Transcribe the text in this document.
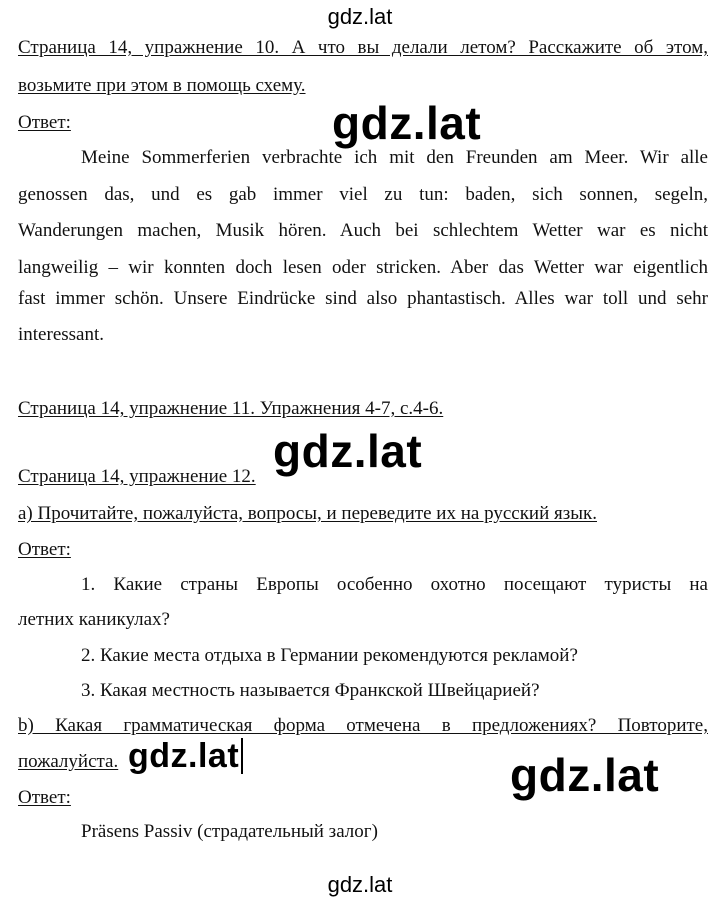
gdz.lat
Страница 14, упражнение 10. А что вы делали летом? Расскажите об этом,
возьмите при этом в помощь схему.
Ответ:
Meine Sommerferien verbrachte ich mit den Freunden am Meer. Wir alle
genossen das, und es gab immer viel zu tun: baden, sich sonnen, segeln,
Wanderungen machen, Musik hören. Auch bei schlechtem Wetter war es nicht
langweilig – wir konnten doch lesen oder stricken. Aber das Wetter war eigentlich
fast immer schön. Unsere Eindrücke sind also phantastisch. Alles war toll und sehr
interessant.
Страница 14, упражнение 11. Упражнения 4-7, с.4-6.
Страница 14, упражнение 12.
а) Прочитайте, пожалуйста, вопросы, и переведите их на русский язык.
Ответ:
1. Какие страны Европы особенно охотно посещают туристы на
летних каникулах?
2. Какие места отдыха в Германии рекомендуются рекламой?
3. Какая местность называется Франкской Швейцарией?
b) Какая грамматическая форма отмечена в предложениях? Повторите,
пожалуйста.
Ответ:
Präsens Passiv (страдательный залог)
gdz.lat
gdz.lat
gdz.lat	gdz.lat
gdz.lat
